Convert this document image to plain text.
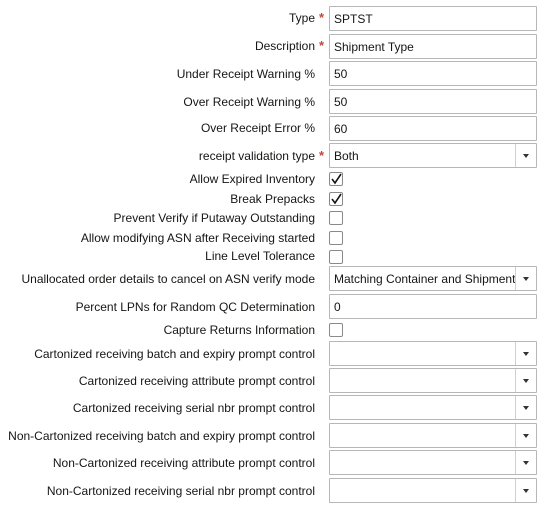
Type * SPTST
Description * Shipment Type
Under Receipt Warning % 50
Over Receipt Warning % 50
Over Receipt Error % 60
receipt validation type * Both
Allow Expired Inventory
Break Prepacks
Prevent Verify if Putaway Outstanding
Allow modifying ASN after Receiving started
Line Level Tolerance
Unallocated order details to cancel on ASN verify mode Matching Container and Shipment
Percent LPNs for Random QC Determination 0
Capture Returns Information
Cartonized receiving batch and expiry prompt control
Cartonized receiving attribute prompt control
Cartonized receiving serial nbr prompt control
Non-Cartonized receiving batch and expiry prompt control
Non-Cartonized receiving attribute prompt control
Non-Cartonized receiving serial nbr prompt control
